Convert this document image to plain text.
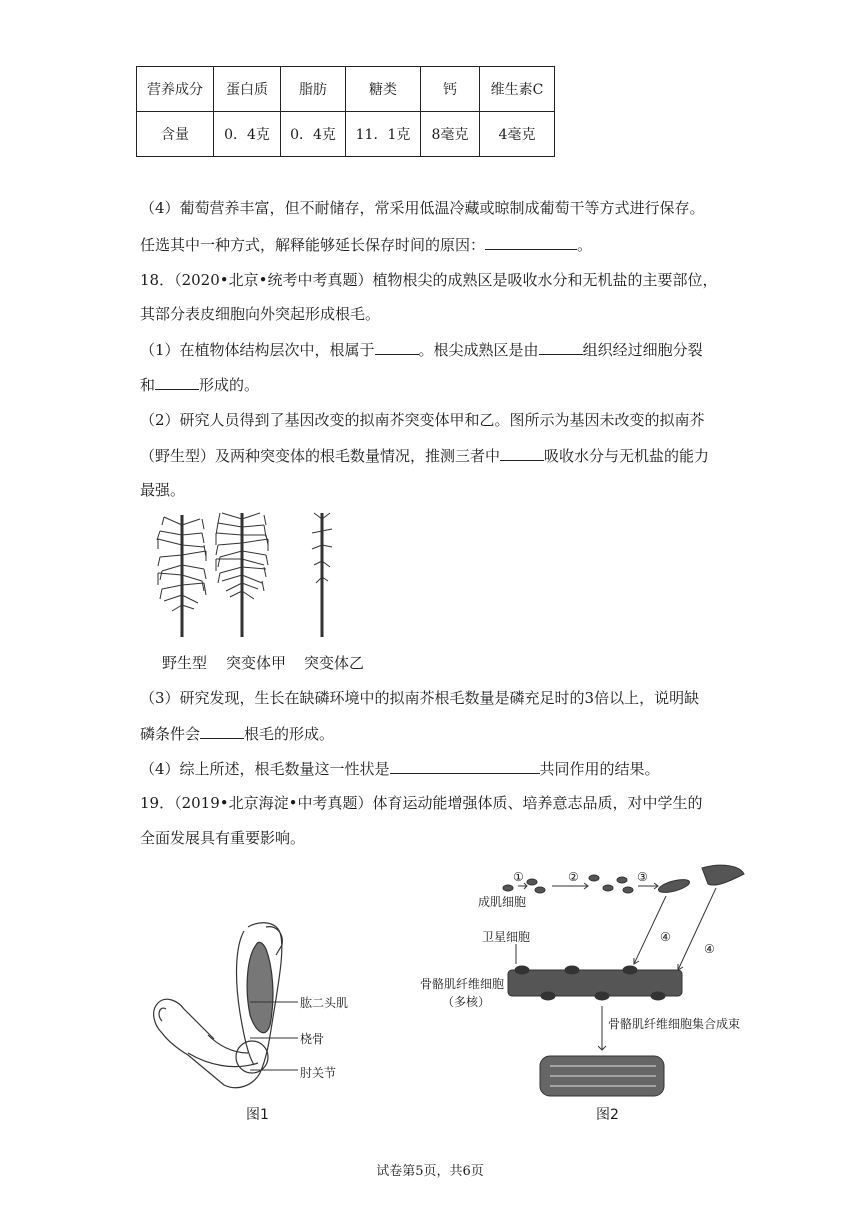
营养成分	蛋白质	脂肪	糖类	钙	维生素C
含量	0．4克	0．4克	11．1克	8毫克	4毫克
（4）葡萄营养丰富，但不耐储存，常采用低温冷藏或晾制成葡萄干等方式进行保存。
任选其中一种方式，解释能够延长保存时间的原因：	。
18．（2020•北京•统考中考真题）植物根尖的成熟区是吸收水分和无机盐的主要部位，
其部分表皮细胞向外突起形成根毛。
（1）在植物体结构层次中，根属于	。根尖成熟区是由	组织经过细胞分裂
和	形成的。
（2）研究人员得到了基因改变的拟南芥突变体甲和乙。图所示为基因未改变的拟南芥
（野生型）及两种突变体的根毛数量情况，推测三者中	吸收水分与无机盐的能力
最强。
野生型 突变体甲 突变体乙
（3）研究发现，生长在缺磷环境中的拟南芥根毛数量是磷充足时的3倍以上，说明缺
磷条件会	根毛的形成。
（4）综上所述，根毛数量这一性状是	共同作用的结果。
19．（2019•北京海淀•中考真题）体育运动能增强体质、培养意志品质，对中学生的
全面发展具有重要影响。
肱二头肌
桡骨
肘关节
图1
①	②	③
④
④
成肌细胞
卫星细胞
骨骼肌纤维细胞
（多核）
骨骼肌纤维细胞集合成束
图2
试卷第5页，共6页
